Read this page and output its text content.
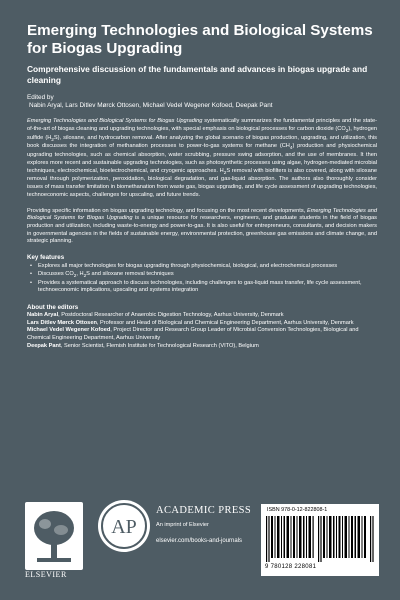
Emerging Technologies and Biological Systems for Biogas Upgrading
Comprehensive discussion of the fundamentals and advances in biogas upgrade and cleaning
Edited by
Nabin Aryal, Lars Ditlev Mørck Ottosen, Michael Vedel Wegener Kofoed, Deepak Pant

Emerging Technologies and Biological Systems for Biogas Upgrading systematically summarizes the fundamental principles and the state-of-the-art of biogas cleaning and upgrading technologies, with special emphasis on biological processes for carbon dioxide $(CO_2)$, hydrogen sulfide $(H_2S)$, siloxane, and hydrocarbon removal. After analyzing the global scenario of biogas production, upgrading, and utilization, this book discusses the integration of methanation processes to power-to-gas systems for methane $(CH_4)$ production and physiochemical upgrading technologies, such as chemical absorption, water scrubbing, pressure swing adsorption, and the use of membranes. It then explores more recent and sustainable upgrading technologies, such as photosynthetic processes using algae, hydrogen-mediated microbial techniques, electrochemical, bioelectrochemical, and cryogenic approaches. $H_2S$ removal with biofilters is also covered, along with siloxane removal through polymerization, peroxidation, biological degradation, and gas-liquid absorption. The authors also thoroughly consider issues of mass transfer limitation in biomethanation from waste gas, biogas upgrading, and life cycle assessment of upgrading technologies, technoeconomic aspects, challenges for upscaling, and future trends.

Providing specific information on biogas upgrading technology, and focusing on the most recent developments, Emerging Technologies and Biological Systems for Biogas Upgrading is a unique resource for researchers, engineers, and graduate students in the field of biogas production and utilization, including waste-to-energy and power-to-gas. It is also useful for entrepreneurs, consultants, and decision makers in governmental agencies in the fields of sustainable energy, environmental protection, greenhouse gas emissions and climate change, and strategic planning.

Key features
• Explores all major technologies for biogas upgrading through physiochemical, biological, and electrochemical processes
• Discusses $CO_2$, $H_2S$ and siloxane removal techniques
• Provides a systematical approach to discuss technologies, including challenges to gas-liquid mass transfer, life cycle assessment, technoeconomic implications, upscaling and systems integration
About the editors
Nabin Aryal, Postdoctoral Researcher of Anaerobic Digestion Technology, Aarhus University, Denmark
Lars Ditlev Mørck Ottosen, Professor and Head of Biological and Chemical Engineering Department, Aarhus University, Denmark
Michael Vedel Wegener Kofoed, Project Director and Research Group Leader of Microbial Conversion Technologies, Biological and Chemical Engineering Department, Aarhus University
Deepak Pant, Senior Scientist, Flemish Institute for Technological Research (VITO), Belgium
ELSEVIER
AP
ACADEMIC PRESS
An imprint of Elsevier
elsevier.com/books-and-journals
ISBN 978-0-12-822808-1
9 780128 228081
